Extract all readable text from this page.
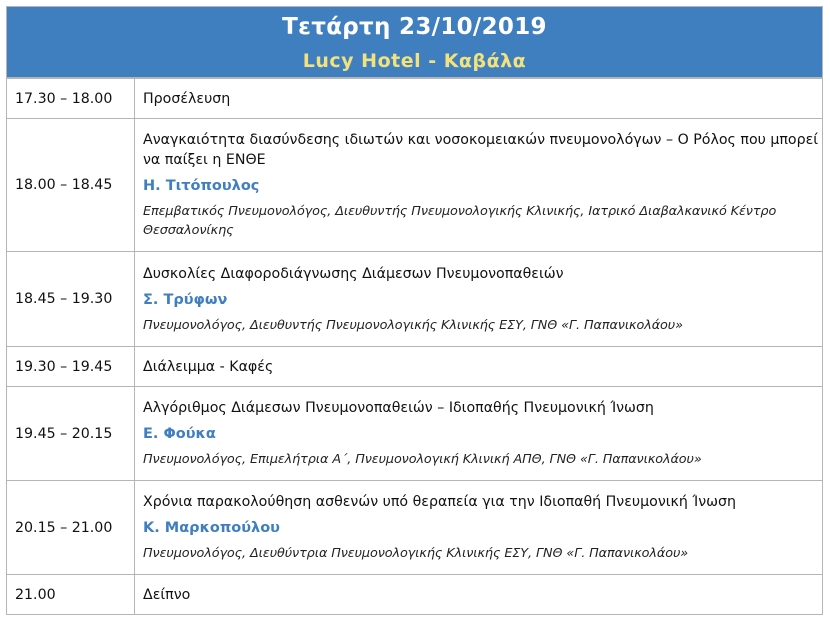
Τετάρτη 23/10/2019
Lucy Hotel - Καβάλα
17.30 – 18.00	Προσέλευση

18.00 – 18.45	Αναγκαιότητα διασύνδεσης ιδιωτών και νοσοκομειακών πνευμονολόγων – Ο Ρόλος που μπορεί να παίξει η ΕΝΘΕ
Η. Τιτόπουλος
Επεμβατικός Πνευμονολόγος, Διευθυντής Πνευμονολογικής Κλινικής, Ιατρικό Διαβαλκανικό Κέντρο Θεσσαλονίκης

18.45 – 19.30	Δυσκολίες Διαφοροδιάγνωσης Διάμεσων Πνευμονοπαθειών
Σ. Τρύφων
Πνευμονολόγος, Διευθυντής Πνευμονολογικής Κλινικής ΕΣΥ, ΓΝΘ «Γ. Παπανικολάου»

19.30 – 19.45	Διάλειμμα - Καφές

19.45 – 20.15	Αλγόριθμος Διάμεσων Πνευμονοπαθειών – Ιδιοπαθής Πνευμονική Ίνωση
Ε. Φούκα
Πνευμονολόγος, Επιμελήτρια Α΄, Πνευμονολογική Κλινική ΑΠΘ, ΓΝΘ «Γ. Παπανικολάου»

20.15 – 21.00	Χρόνια παρακολούθηση ασθενών υπό θεραπεία για την Ιδιοπαθή Πνευμονική Ίνωση
Κ. Μαρκοπούλου
Πνευμονολόγος, Διευθύντρια Πνευμονολογικής Κλινικής ΕΣΥ, ΓΝΘ «Γ. Παπανικολάου»

21.00	Δείπνο
